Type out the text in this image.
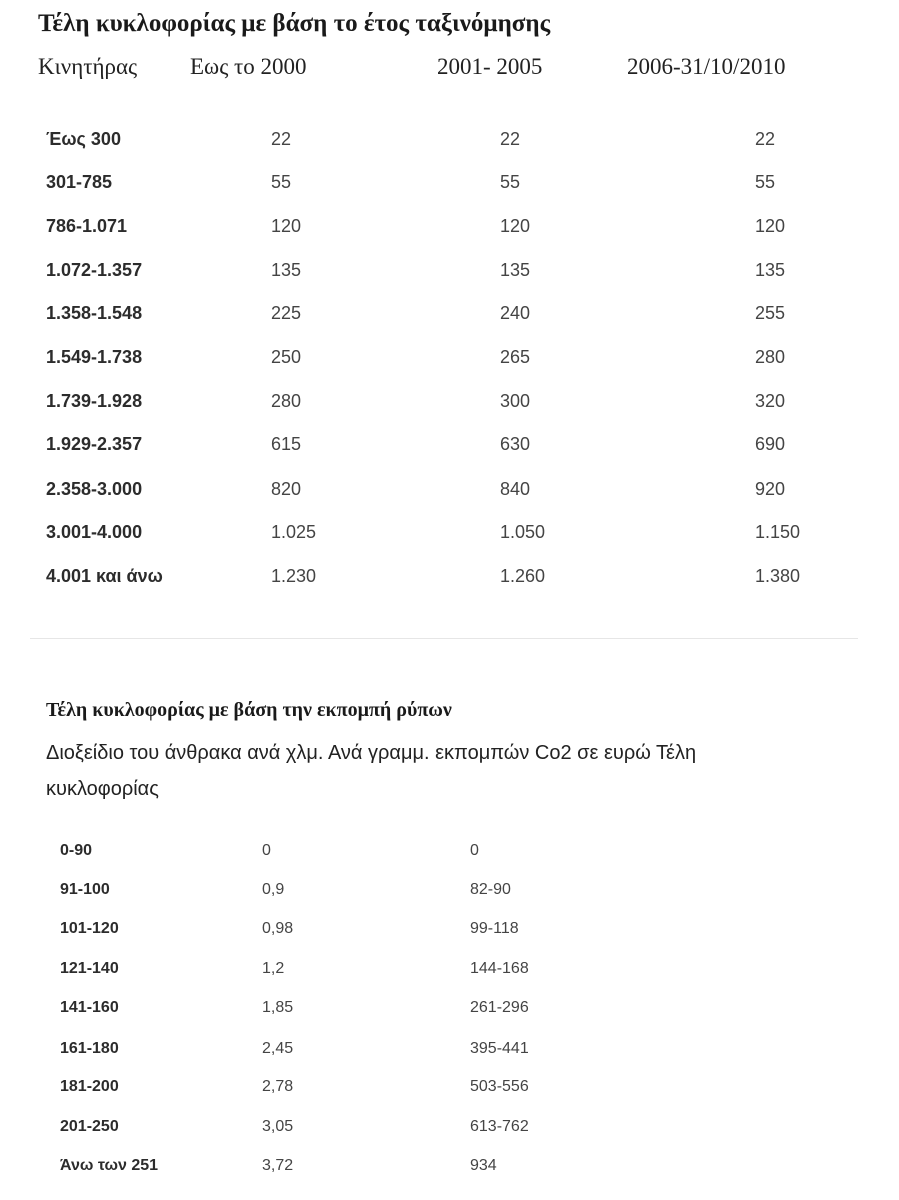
Τέλη κυκλοφορίας με βάση το έτος ταξινόμησης
Κινητήρας Εως το 2000	2001- 2005	2006-31/10/2010
Έως 300	22	22	22
301-785	55	55	55
786-1.071	120	120	120
1.072-1.357	135	135	135
1.358-1.548	225	240	255
1.549-1.738	250	265	280
1.739-1.928	280	300	320
1.929-2.357	615	630	690
2.358-3.000	820	840	920
3.001-4.000	1.025	1.050	1.150
4.001 και άνω	1.230	1.260	1.380
Τέλη κυκλοφορίας με βάση την εκπομπή ρύπων
Διοξείδιο του άνθρακα ανά χλμ. Ανά γραμμ. εκπομπών Co2 σε ευρώ Τέλη κυκλοφορίας
0-90	0	0
91-100	0,9	82-90
101-120	0,98	99-118
121-140	1,2	144-168
141-160	1,85	261-296
161-180	2,45	395-441
181-200	2,78	503-556
201-250	3,05	613-762
Άνω των 251	3,72	934
